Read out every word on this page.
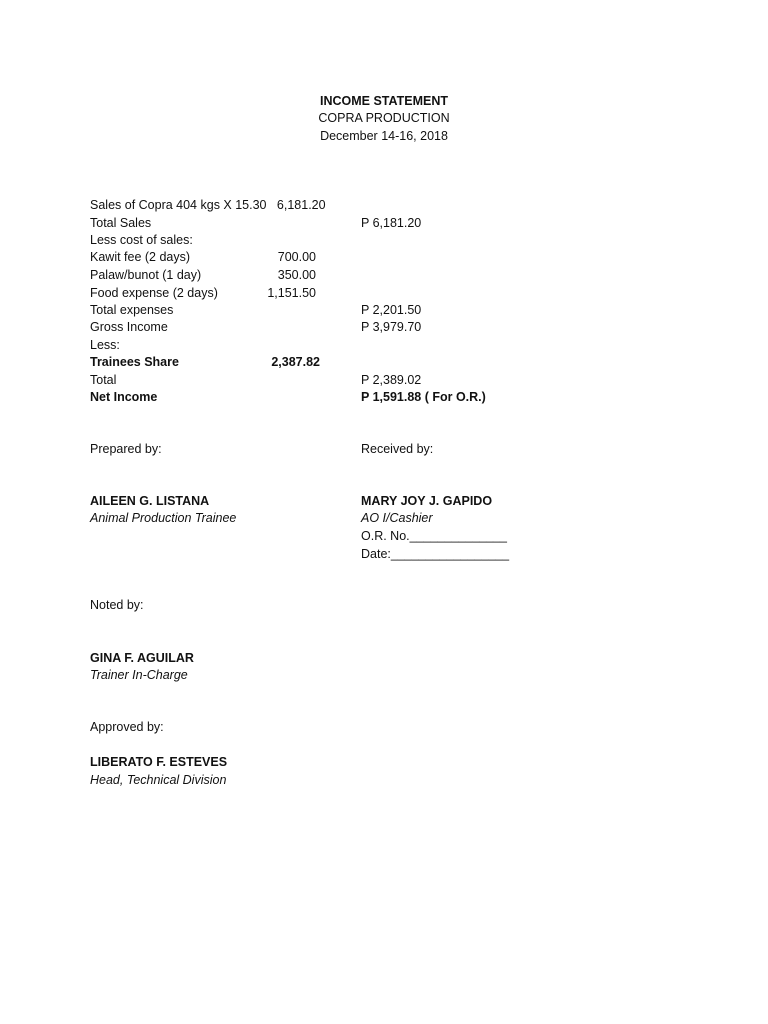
INCOME STATEMENT
COPRA PRODUCTION
December 14-16, 2018
Sales of Copra 404 kgs X 15.30   6,181.20
Total Sales	P 6,181.20
Less cost of sales:
Kawit fee (2 days)	700.00
Palaw/bunot (1 day)	350.00
Food expense (2 days)	1,151.50
Total expenses	P 2,201.50
Gross Income	P 3,979.70
Less:
Trainees Share	2,387.82
Total	P 2,389.02
Net Income	P 1,591.88 ( For O.R.)
Prepared by:	Received by:
AILEEN G. LISTANA	MARY JOY J. GAPIDO
Animal Production Trainee	AO I/Cashier
O.R. No.______________
Date:_________________
Noted by:
GINA F. AGUILAR
Trainer In-Charge
Approved by:
LIBERATO F. ESTEVES
Head, Technical Division
